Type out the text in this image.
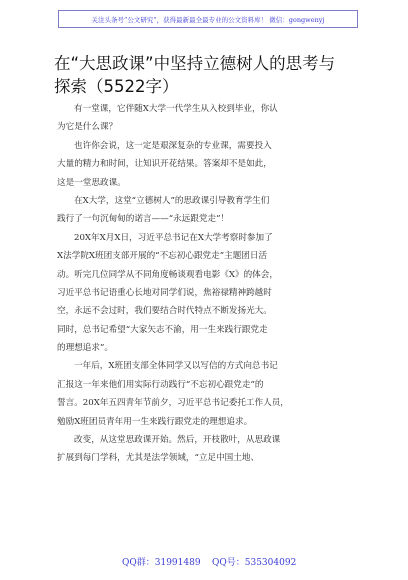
关注头条号“公文研究”，获得最新最全最专业的公文资料库！ 微信：gongwenyj
在“大思政课”中坚持立德树人的思考与
探索（5522字）
有一堂课，它伴随X大学一代学生从入校到毕业，你认
为它是什么课？
也许你会说，这一定是艰深复杂的专业课，需要投入
大量的精力和时间，让知识开花结果。答案却不是如此，
这是一堂思政课。
在X大学，这堂“立德树人”的思政课引导教育学生们
践行了一句沉甸甸的诺言——“永远跟党走”！
20X年X月X日，习近平总书记在X大学考察时参加了
X法学院X班团支部开展的“不忘初心跟党走”主题团日活
动。听完几位同学从不同角度畅谈观看电影《X》的体会，
习近平总书记语重心长地对同学们说，焦裕禄精神跨越时
空，永远不会过时，我们要结合时代特点不断发扬光大。
同时，总书记希望“大家矢志不渝，用一生来践行跟党走
的理想追求”。
一年后，X班团支部全体同学又以写信的方式向总书记
汇报这一年来他们用实际行动践行“不忘初心跟党走”的
誓言。20X年五四青年节前夕，习近平总书记委托工作人员，
勉励X班团员青年用一生来践行跟党走的理想追求。
改变，从这堂思政课开始。然后，开枝散叶，从思政课
扩展到每门学科，尤其是法学领域，“立足中国土地、
QQ群：31991489 QQ号：535304092
